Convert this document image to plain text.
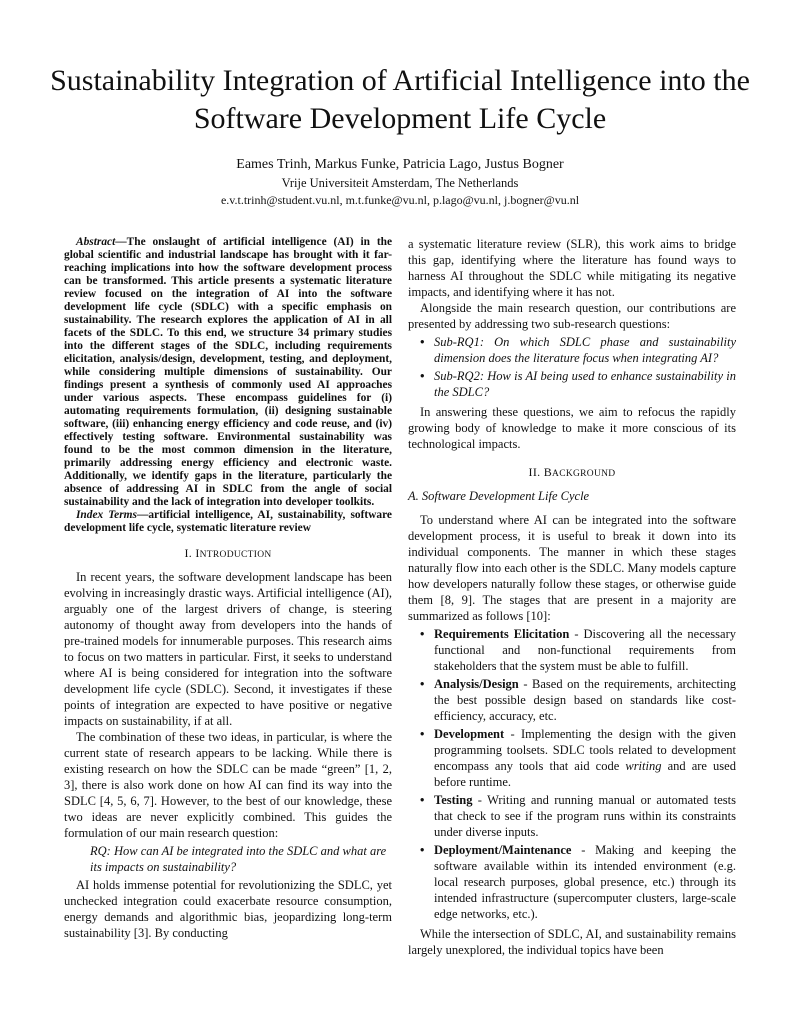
Sustainability Integration of Artificial Intelligence into the Software Development Life Cycle
Eames Trinh, Markus Funke, Patricia Lago, Justus Bogner
Vrije Universiteit Amsterdam, The Netherlands
e.v.t.trinh@student.vu.nl, m.t.funke@vu.nl, p.lago@vu.nl, j.bogner@vu.nl

Abstract—The onslaught of artificial intelligence (AI) in the global scientific and industrial landscape has brought with it far-reaching implications into how the software development process can be transformed. This article presents a systematic literature review focused on the integration of AI into the software development life cycle (SDLC) with a specific emphasis on sustainability. The research explores the application of AI in all facets of the SDLC. To this end, we structure 34 primary studies into the different stages of the SDLC, including requirements elicitation, analysis/design, development, testing, and deployment, while considering multiple dimensions of sustainability. Our findings present a synthesis of commonly used AI approaches under various aspects. These encompass guidelines for (i) automating requirements formulation, (ii) designing sustainable software, (iii) enhancing energy efficiency and code reuse, and (iv) effectively testing software. Environmental sustainability was found to be the most common dimension in the literature, primarily addressing energy efficiency and electronic waste. Additionally, we identify gaps in the literature, particularly the absence of addressing AI in SDLC from the angle of social sustainability and the lack of integration into developer toolkits.

Index Terms—artificial intelligence, AI, sustainability, software development life cycle, systematic literature review

I. INTRODUCTION

In recent years, the software development landscape has been evolving in increasingly drastic ways. Artificial intelligence (AI), arguably one of the largest drivers of change, is steering autonomy of thought away from developers into the hands of pre-trained models for innumerable purposes. This research aims to focus on two matters in particular. First, it seeks to understand where AI is being considered for integration into the software development life cycle (SDLC). Second, it investigates if these points of integration are expected to have positive or negative impacts on sustainability, if at all.

The combination of these two ideas, in particular, is where the current state of research appears to be lacking. While there is existing research on how the SDLC can be made “green” [1, 2, 3], there is also work done on how AI can find its way into the SDLC [4, 5, 6, 7]. However, to the best of our knowledge, these two ideas are never explicitly combined. This guides the formulation of our main research question:

RQ: How can AI be integrated into the SDLC and what are its impacts on sustainability?

AI holds immense potential for revolutionizing the SDLC, yet unchecked integration could exacerbate resource consumption, energy demands and algorithmic bias, jeopardizing long-term sustainability [3]. By conducting

a systematic literature review (SLR), this work aims to bridge this gap, identifying where the literature has found ways to harness AI throughout the SDLC while mitigating its negative impacts, and identifying where it has not.

Alongside the main research question, our contributions are presented by addressing two sub-research questions:

• Sub-RQ1: On which SDLC phase and sustainability dimension does the literature focus when integrating AI?
• Sub-RQ2: How is AI being used to enhance sustainability in the SDLC?

In answering these questions, we aim to refocus the rapidly growing body of knowledge to make it more conscious of its technological impacts.

II. BACKGROUND

A. Software Development Life Cycle

To understand where AI can be integrated into the software development process, it is useful to break it down into its individual components. The manner in which these stages naturally flow into each other is the SDLC. Many models capture how developers naturally follow these stages, or otherwise guide them [8, 9]. The stages that are present in a majority are summarized as follows [10]:

• Requirements Elicitation - Discovering all the necessary functional and non-functional requirements from stakeholders that the system must be able to fulfill.
• Analysis/Design - Based on the requirements, architecting the best possible design based on standards like cost-efficiency, accuracy, etc.
• Development - Implementing the design with the given programming toolsets. SDLC tools related to development encompass any tools that aid code writing and are used before runtime.
• Testing - Writing and running manual or automated tests that check to see if the program runs within its constraints under diverse inputs.
• Deployment/Maintenance - Making and keeping the software available within its intended environment (e.g. local research purposes, global presence, etc.) through its intended infrastructure (supercomputer clusters, large-scale edge networks, etc.).

While the intersection of SDLC, AI, and sustainability remains largely unexplored, the individual topics have been
